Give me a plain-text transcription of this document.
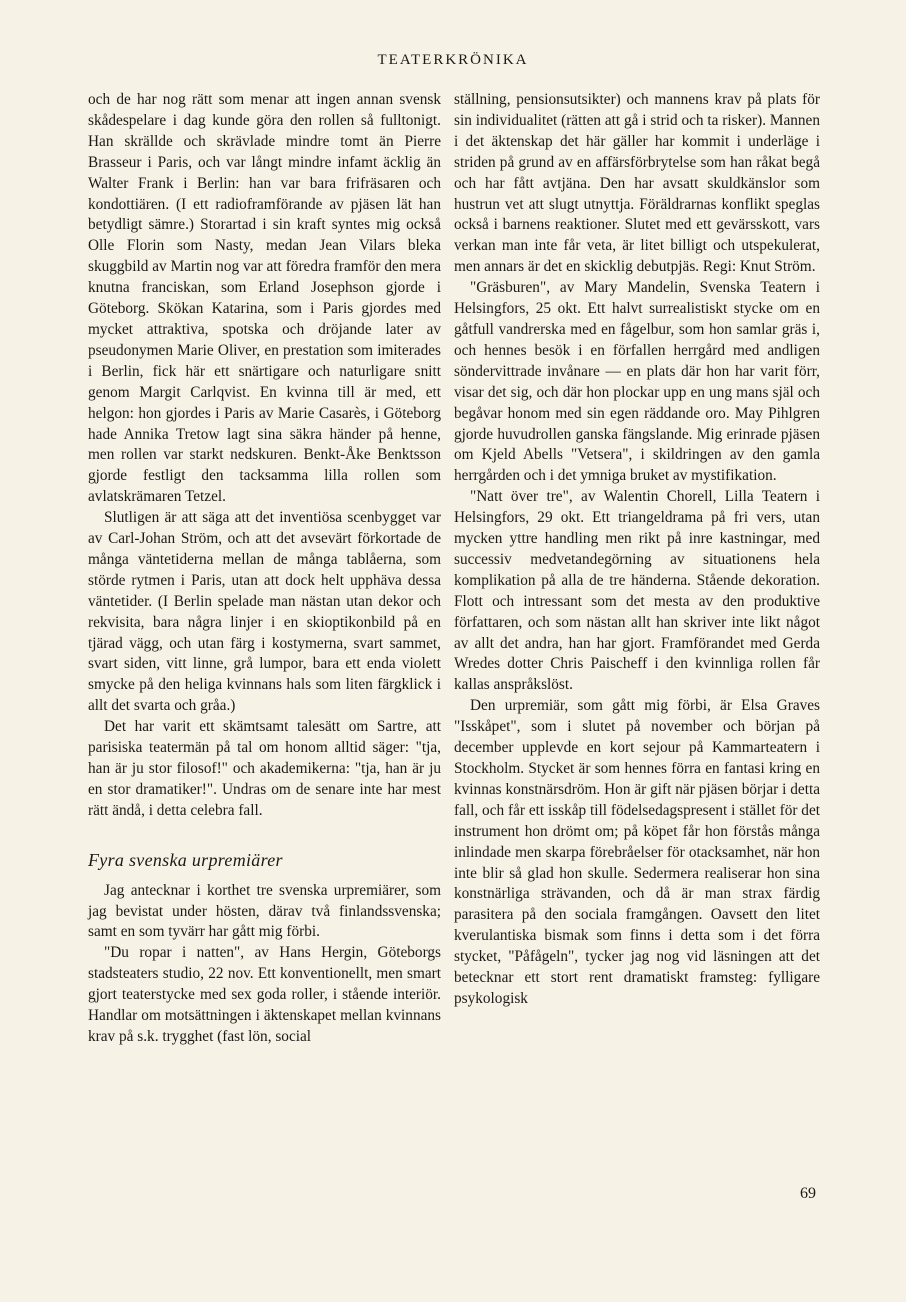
TEATERKRÖNIKA

och de har nog rätt som menar att ingen annan svensk skådespelare i dag kunde göra den rollen så fulltonigt. Han skrällde och skrävlade mindre tomt än Pierre Brasseur i Paris, och var långt mindre infamt äcklig än Walter Frank i Berlin: han var bara frifräsaren och kondottiären. (I ett radioframförande av pjäsen lät han betydligt sämre.) Storartad i sin kraft syntes mig också Olle Florin som Nasty, medan Jean Vilars bleka skuggbild av Martin nog var att föredra framför den mera knutna franciskan, som Erland Josephson gjorde i Göteborg. Skökan Katarina, som i Paris gjordes med mycket attraktiva, spotska och dröjande later av pseudonymen Marie Oliver, en prestation som imiterades i Berlin, fick här ett snärtigare och naturligare snitt genom Margit Carlqvist. En kvinna till är med, ett helgon: hon gjordes i Paris av Marie Casarès, i Göteborg hade Annika Tretow lagt sina säkra händer på henne, men rollen var starkt nedskuren. Benkt-Åke Benktsson gjorde festligt den tacksamma lilla rollen som avlatskrämaren Tetzel.

Slutligen är att säga att det inventiösa scenbygget var av Carl-Johan Ström, och att det avsevärt förkortade de många väntetiderna mellan de många tablåerna, som störde rytmen i Paris, utan att dock helt upphäva dessa väntetider. (I Berlin spelade man nästan utan dekor och rekvisita, bara några linjer i en skioptikonbild på en tjärad vägg, och utan färg i kostymerna, svart sammet, svart siden, vitt linne, grå lumpor, bara ett enda violett smycke på den heliga kvinnans hals som liten färgklick i allt det svarta och gråa.)

Det har varit ett skämtsamt talesätt om Sartre, att parisiska teatermän på tal om honom alltid säger: "tja, han är ju stor filosof!" och akademikerna: "tja, han är ju en stor dramatiker!". Undras om de senare inte har mest rätt ändå, i detta celebra fall.

Fyra svenska urpremiärer

Jag antecknar i korthet tre svenska urpremiärer, som jag bevistat under hösten, därav två finlandssvenska; samt en som tyvärr har gått mig förbi.

"Du ropar i natten", av Hans Hergin, Göteborgs stadsteaters studio, 22 nov. Ett konventionellt, men smart gjort teaterstycke med sex goda roller, i stående interiör. Handlar om motsättningen i äktenskapet mellan kvinnans krav på s.k. trygghet (fast lön, social

ställning, pensionsutsikter) och mannens krav på plats för sin individualitet (rätten att gå i strid och ta risker). Mannen i det äktenskap det här gäller har kommit i underläge i striden på grund av en affärsförbrytelse som han råkat begå och har fått avtjäna. Den har avsatt skuldkänslor som hustrun vet att slugt utnyttja. Föräldrarnas konflikt speglas också i barnens reaktioner. Slutet med ett gevärsskott, vars verkan man inte får veta, är litet billigt och utspekulerat, men annars är det en skicklig debutpjäs. Regi: Knut Ström.

"Gräsburen", av Mary Mandelin, Svenska Teatern i Helsingfors, 25 okt. Ett halvt surrealistiskt stycke om en gåtfull vandrerska med en fågelbur, som hon samlar gräs i, och hennes besök i en förfallen herrgård med andligen söndervittrade invånare — en plats där hon har varit förr, visar det sig, och där hon plockar upp en ung mans själ och begåvar honom med sin egen räddande oro. May Pihlgren gjorde huvudrollen ganska fängslande. Mig erinrade pjäsen om Kjeld Abells "Vetsera", i skildringen av den gamla herrgården och i det ymniga bruket av mystifikation.

"Natt över tre", av Walentin Chorell, Lilla Teatern i Helsingfors, 29 okt. Ett triangeldrama på fri vers, utan mycken yttre handling men rikt på inre kastningar, med successiv medvetandegörning av situationens hela komplikation på alla de tre händerna. Stående dekoration. Flott och intressant som det mesta av den produktive författaren, och som nästan allt han skriver inte likt något av allt det andra, han har gjort. Framförandet med Gerda Wredes dotter Chris Paischeff i den kvinnliga rollen får kallas anspråkslöst.

Den urpremiär, som gått mig förbi, är Elsa Graves "Isskåpet", som i slutet på november och början på december upplevde en kort sejour på Kammarteatern i Stockholm. Stycket är som hennes förra en fantasi kring en kvinnas konstnärsdröm. Hon är gift när pjäsen börjar i detta fall, och får ett isskåp till födelsedagspresent i stället för det instrument hon drömt om; på köpet får hon förstås många inlindade men skarpa förebråelser för otacksamhet, när hon inte blir så glad hon skulle. Sedermera realiserar hon sina konstnärliga strävanden, och då är man strax färdig parasitera på den sociala framgången. Oavsett den litet kverulantiska bismak som finns i detta som i det förra stycket, "Påfågeln", tycker jag nog vid läsningen att det betecknar ett stort rent dramatiskt framsteg: fylligare psykologisk

69
